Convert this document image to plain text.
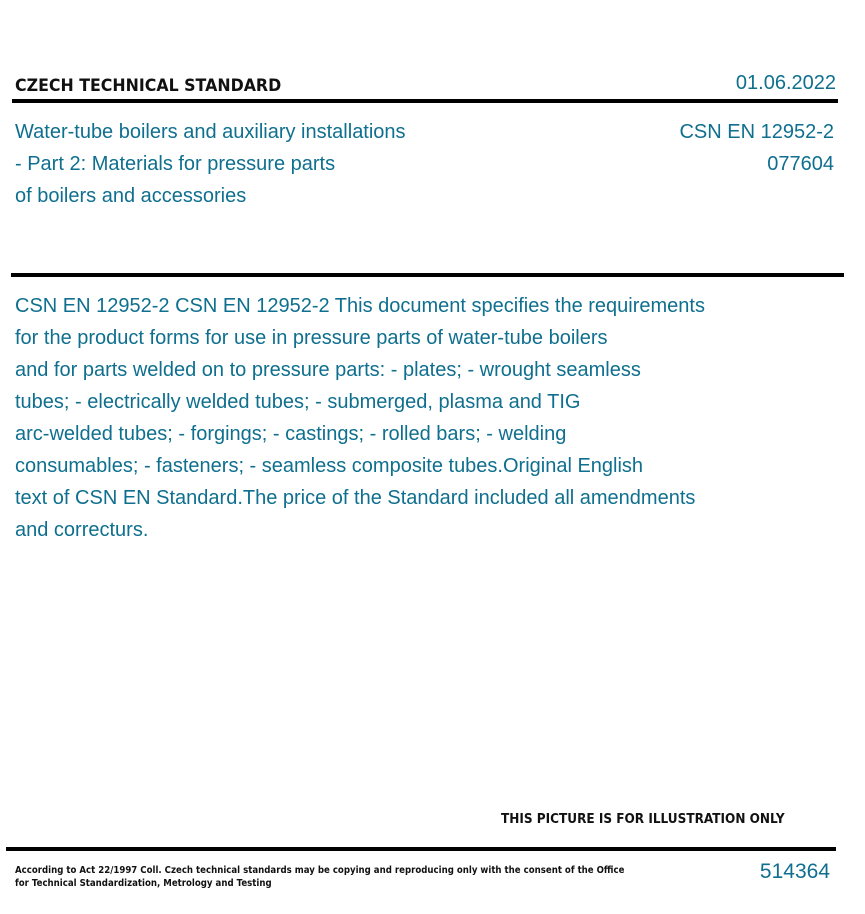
CZECH TECHNICAL STANDARD	01.06.2022
Water-tube boilers and auxiliary installations
- Part 2: Materials for pressure parts
of boilers and accessories
CSN EN 12952-2
077604
CSN EN 12952-2 CSN EN 12952-2 This document specifies the requirements
for the product forms for use in pressure parts of water-tube boilers
and for parts welded on to pressure parts: - plates; - wrought seamless
tubes; - electrically welded tubes; - submerged, plasma and TIG
arc-welded tubes; - forgings; - castings; - rolled bars; - welding
consumables; - fasteners; - seamless composite tubes.Original English
text of CSN EN Standard.The price of the Standard included all amendments
and correcturs.
THIS PICTURE IS FOR ILLUSTRATION ONLY
According to Act 22/1997 Coll. Czech technical standards may be copying and reproducing only with the consent of the Office
for Technical Standardization, Metrology and Testing
514364
